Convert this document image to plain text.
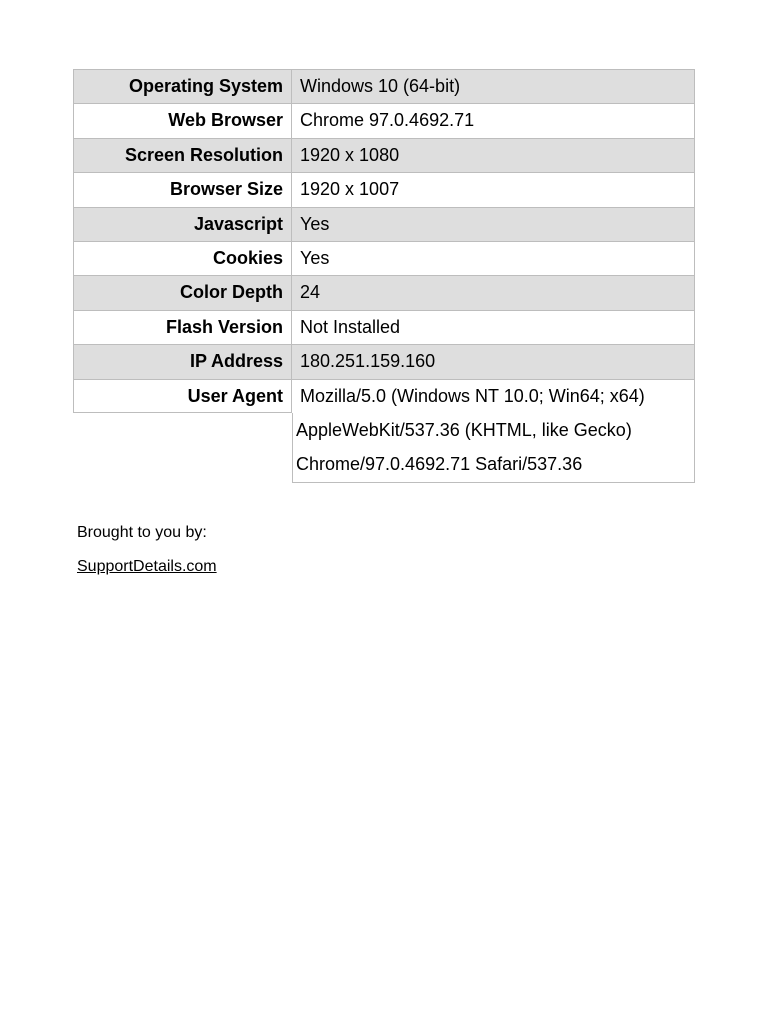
Operating System Windows 10 (64-bit)
Web Browser Chrome 97.0.4692.71
Screen Resolution 1920 x 1080
Browser Size 1920 x 1007
Javascript Yes
Cookies Yes
Color Depth 24
Flash Version Not Installed
IP Address 180.251.159.160
User Agent Mozilla/5.0 (Windows NT 10.0; Win64; x64)
AppleWebKit/537.36 (KHTML, like Gecko)
Chrome/97.0.4692.71 Safari/537.36
Brought to you by:
SupportDetails.com
